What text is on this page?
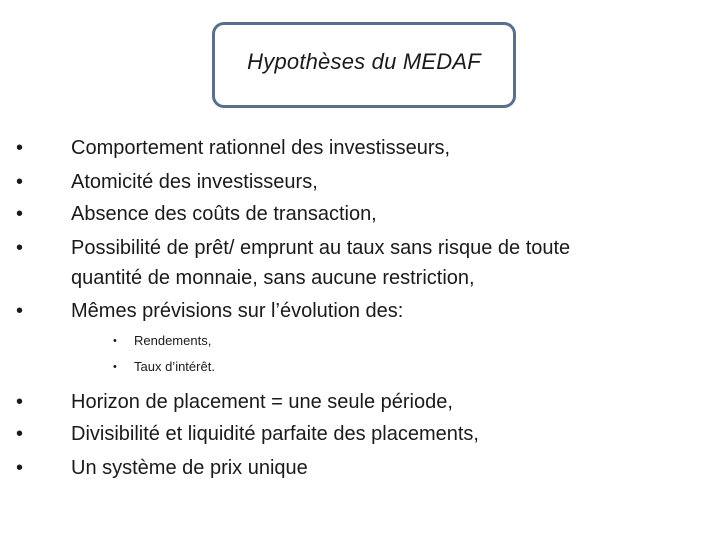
Hypothèses du MEDAF
• Comportement rationnel des investisseurs,
• Atomicité des investisseurs,
• Absence des coûts de transaction,
• Possibilité de prêt/ emprunt au taux sans risque de toute
quantité de monnaie, sans aucune restriction,
• Mêmes prévisions sur l’évolution des:
• Rendements,
• Taux d’intérêt.
• Horizon de placement = une seule période,
• Divisibilité et liquidité parfaite des placements,
• Un système de prix unique
